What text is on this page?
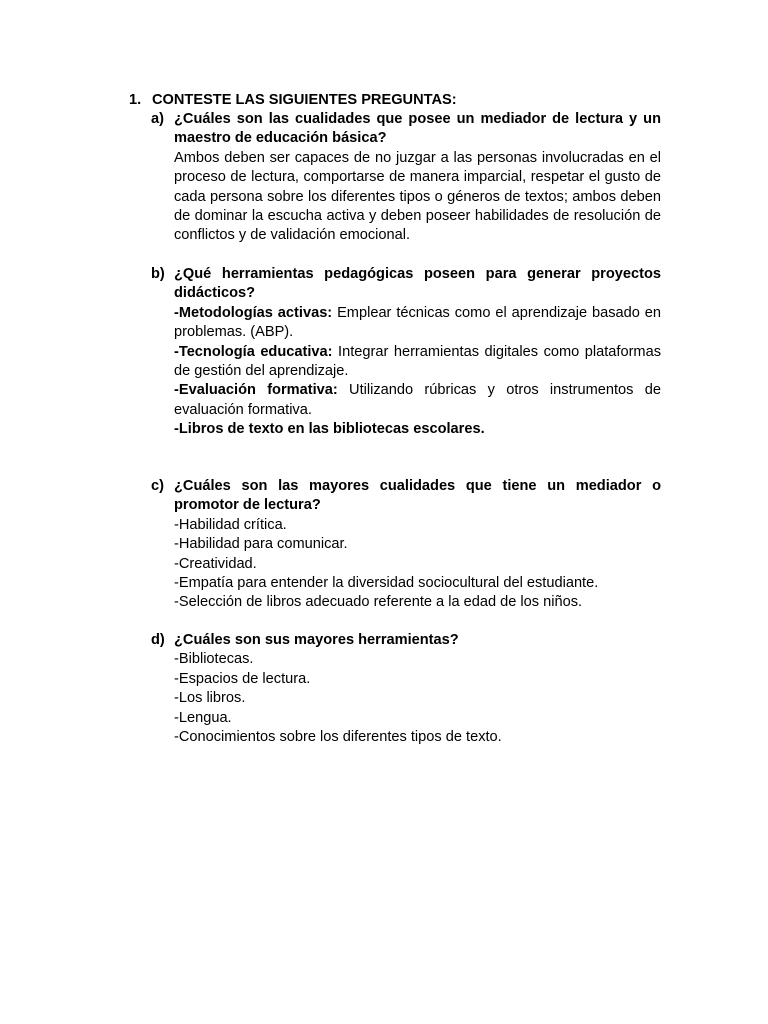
1. CONTESTE LAS SIGUIENTES PREGUNTAS:
a) ¿Cuáles son las cualidades que posee un mediador de lectura y un maestro de educación básica?
Ambos deben ser capaces de no juzgar a las personas involucradas en el proceso de lectura, comportarse de manera imparcial, respetar el gusto de cada persona sobre los diferentes tipos o géneros de textos; ambos deben de dominar la escucha activa y deben poseer habilidades de resolución de conflictos y de validación emocional.
b) ¿Qué herramientas pedagógicas poseen para generar proyectos didácticos?
-Metodologías activas: Emplear técnicas como el aprendizaje basado en problemas. (ABP).
-Tecnología educativa: Integrar herramientas digitales como plataformas de gestión del aprendizaje.
-Evaluación formativa: Utilizando rúbricas y otros instrumentos de evaluación formativa.
-Libros de texto en las bibliotecas escolares.
c) ¿Cuáles son las mayores cualidades que tiene un mediador o promotor de lectura?
-Habilidad crítica.
-Habilidad para comunicar.
-Creatividad.
-Empatía para entender la diversidad sociocultural del estudiante.
-Selección de libros adecuado referente a la edad de los niños.
d) ¿Cuáles son sus mayores herramientas?
-Bibliotecas.
-Espacios de lectura.
-Los libros.
-Lengua.
-Conocimientos sobre los diferentes tipos de texto.
